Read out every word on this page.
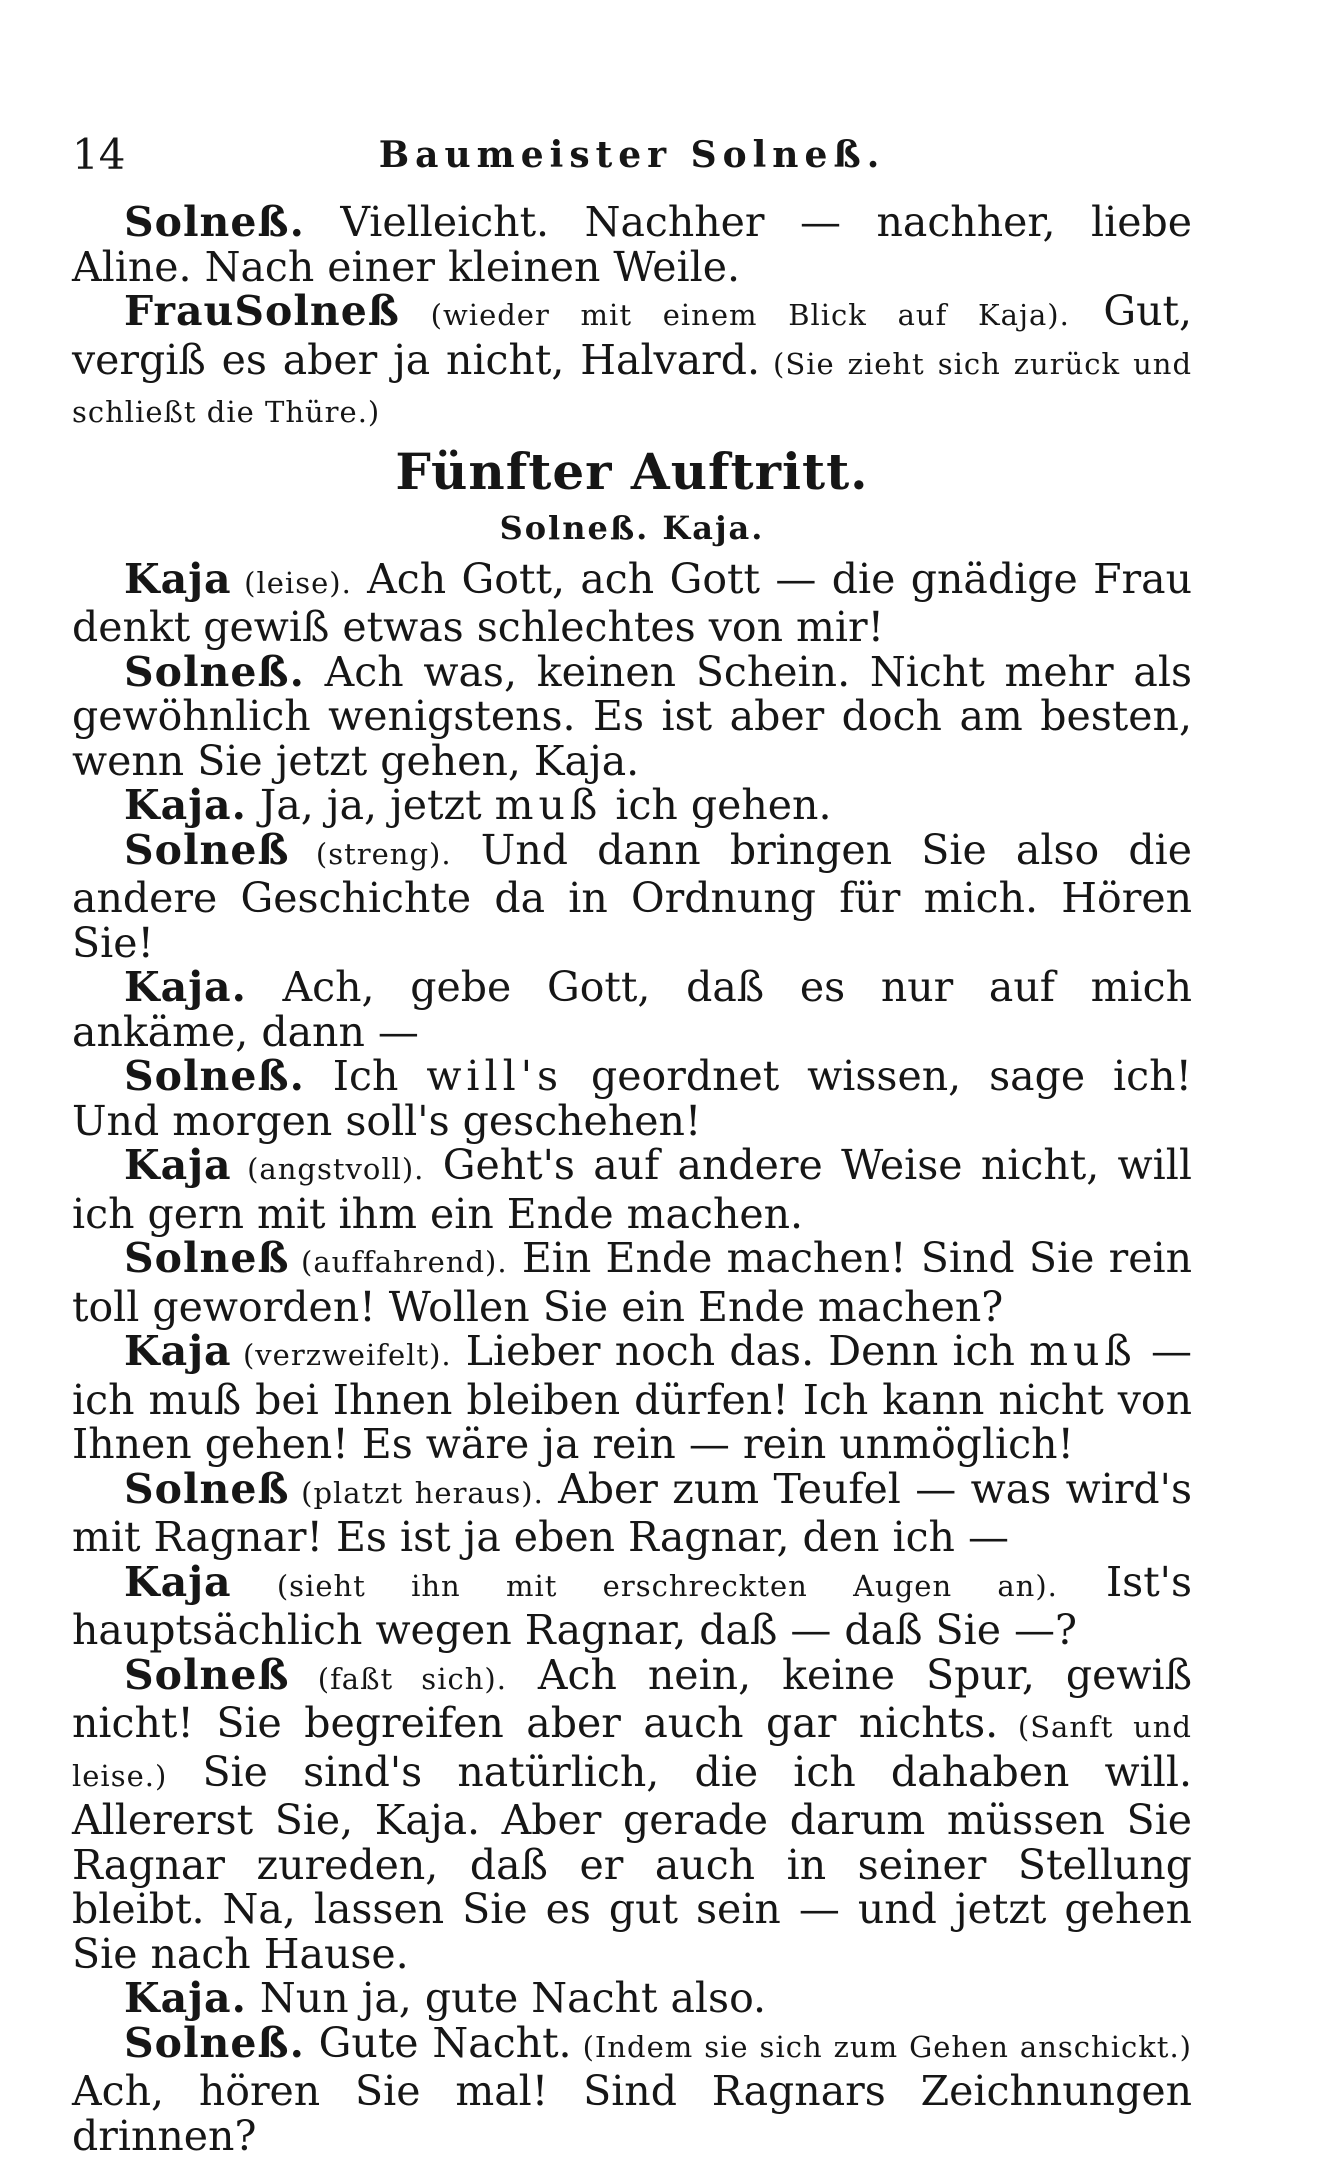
14	Baumeister Solneß.

Solneß. Vielleicht. Nachher — nachher, liebe Aline. Nach einer kleinen Weile.

FrauSolneß (wieder mit einem Blick auf Kaja). Gut, vergiß es aber ja nicht, Halvard. (Sie zieht sich zurück und schließt die Thüre.)

Fünfter Auftritt.
Solneß. Kaja.

Kaja (leise). Ach Gott, ach Gott — die gnädige Frau denkt gewiß etwas schlechtes von mir!

Solneß. Ach was, keinen Schein. Nicht mehr als gewöhnlich wenigstens. Es ist aber doch am besten, wenn Sie jetzt gehen, Kaja.

Kaja. Ja, ja, jetzt muß ich gehen.

Solneß (streng). Und dann bringen Sie also die andere Geschichte da in Ordnung für mich. Hören Sie!

Kaja. Ach, gebe Gott, daß es nur auf mich ankäme, dann —

Solneß. Ich will's geordnet wissen, sage ich! Und morgen soll's geschehen!

Kaja (angstvoll). Geht's auf andere Weise nicht, will ich gern mit ihm ein Ende machen.

Solneß (auffahrend). Ein Ende machen! Sind Sie rein toll geworden! Wollen Sie ein Ende machen?

Kaja (verzweifelt). Lieber noch das. Denn ich muß — ich muß bei Ihnen bleiben dürfen! Ich kann nicht von Ihnen gehen! Es wäre ja rein — rein unmöglich!

Solneß (platzt heraus). Aber zum Teufel — was wird's mit Ragnar! Es ist ja eben Ragnar, den ich —

Kaja (sieht ihn mit erschreckten Augen an). Ist's hauptsächlich wegen Ragnar, daß — daß Sie —?

Solneß (faßt sich). Ach nein, keine Spur, gewiß nicht! Sie begreifen aber auch gar nichts. (Sanft und leise.) Sie sind's natürlich, die ich dahaben will. Allererst Sie, Kaja. Aber gerade darum müssen Sie Ragnar zureden, daß er auch in seiner Stellung bleibt. Na, lassen Sie es gut sein — und jetzt gehen Sie nach Hause.

Kaja. Nun ja, gute Nacht also.

Solneß. Gute Nacht. (Indem sie sich zum Gehen anschickt.) Ach, hören Sie mal! Sind Ragnars Zeichnungen drinnen?
